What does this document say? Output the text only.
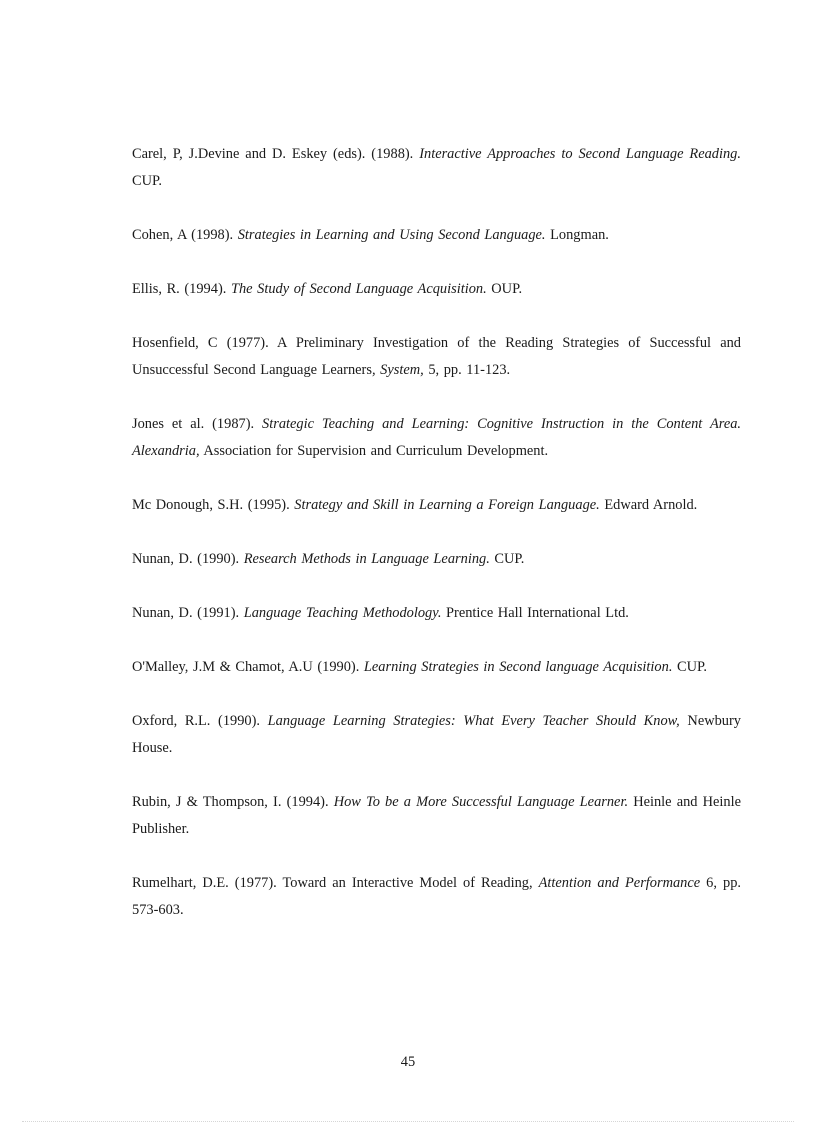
Carel, P, J.Devine and D. Eskey (eds). (1988). Interactive Approaches to Second Language Reading. CUP.
Cohen, A (1998). Strategies in Learning and Using Second Language. Longman.
Ellis, R. (1994). The Study of Second Language Acquisition. OUP.
Hosenfield, C (1977). A Preliminary Investigation of the Reading Strategies of Successful and Unsuccessful Second Language Learners, System, 5, pp. 11-123.
Jones et al. (1987). Strategic Teaching and Learning: Cognitive Instruction in the Content Area. Alexandria, Association for Supervision and Curriculum Development.
Mc Donough, S.H. (1995). Strategy and Skill in Learning a Foreign Language. Edward Arnold.
Nunan, D. (1990). Research Methods in Language Learning. CUP.
Nunan, D. (1991). Language Teaching Methodology. Prentice Hall International Ltd.
O'Malley, J.M & Chamot, A.U (1990). Learning Strategies in Second language Acquisition. CUP.
Oxford, R.L. (1990). Language Learning Strategies: What Every Teacher Should Know, Newbury House.
Rubin, J & Thompson, I. (1994). How To be a More Successful Language Learner. Heinle and Heinle Publisher.
Rumelhart, D.E. (1977). Toward an Interactive Model of Reading, Attention and Performance 6, pp. 573-603.
45
